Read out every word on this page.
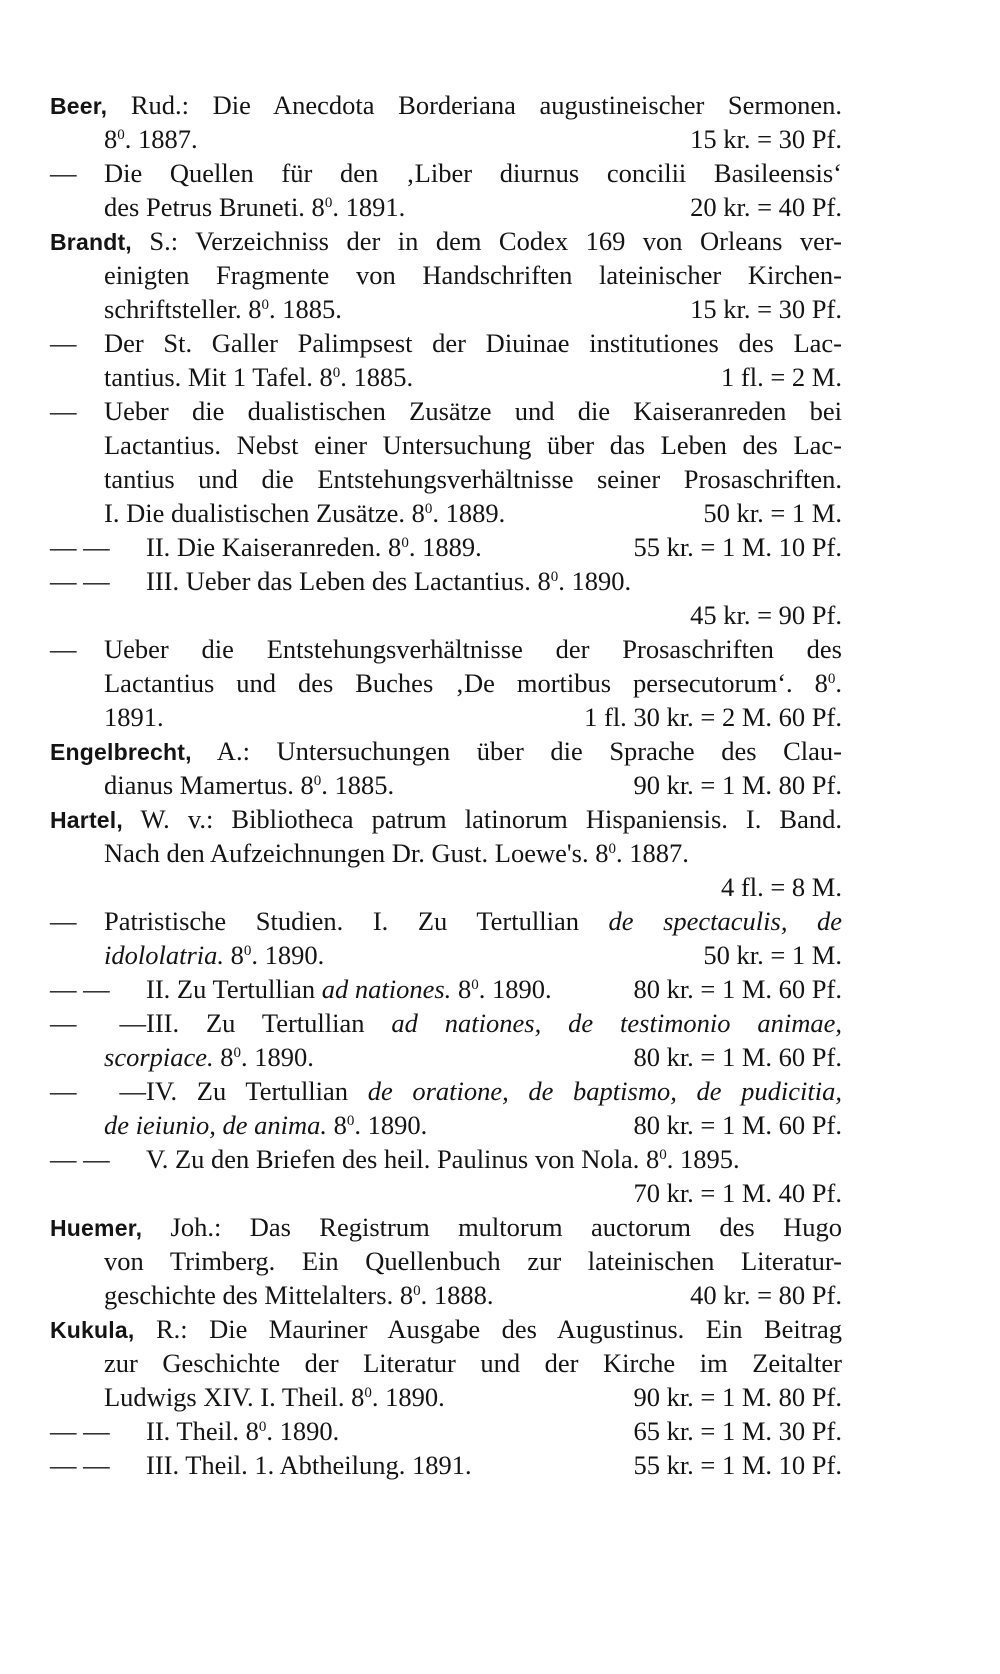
Beer, Rud.: Die Anecdota Borderiana augustineischer Sermonen.
$8^0$. 1887.	15 kr. = 30 Pf.
— Die Quellen für den ‚Liber diurnus concilii Basileensis‘
des Petrus Bruneti. $8^0$. 1891.	20 kr. = 40 Pf.
Brandt, S.: Verzeichniss der in dem Codex 169 von Orleans ver-
einigten Fragmente von Handschriften lateinischer Kirchen-
schriftsteller. $8^0$. 1885.	15 kr. = 30 Pf.
— Der St. Galler Palimpsest der Diuinae institutiones des Lac-
tantius. Mit 1 Tafel. $8^0$. 1885.	1 fl. = 2 M.
— Ueber die dualistischen Zusätze und die Kaiseranreden bei
Lactantius. Nebst einer Untersuchung über das Leben des Lac-
tantius und die Entstehungsverhältnisse seiner Prosaschriften.
I. Die dualistischen Zusätze. $8^0$. 1889.	50 kr. = 1 M.
— — II. Die Kaiseranreden. $8^0$. 1889.	55 kr. = 1 M. 10 Pf.
— — III. Ueber das Leben des Lactantius. $8^0$. 1890.
45 kr. = 90 Pf.
— Ueber die Entstehungsverhältnisse der Prosaschriften des
Lactantius und des Buches ‚De mortibus persecutorum‘. $8^0$.
1891.	1 fl. 30 kr. = 2 M. 60 Pf.
Engelbrecht, A.: Untersuchungen über die Sprache des Clau-
dianus Mamertus. $8^0$. 1885.	90 kr. = 1 M. 80 Pf.
Hartel, W. v.: Bibliotheca patrum latinorum Hispaniensis. I. Band.
Nach den Aufzeichnungen Dr. Gust. Loewe's. $8^0$. 1887.
4 fl. = 8 M.
— Patristische Studien. I. Zu Tertullian de spectaculis, de
idololatria. $8^0$. 1890.	50 kr. = 1 M.
— — II. Zu Tertullian ad nationes. $8^0$. 1890.	80 kr. = 1 M. 60 Pf.
— —III. Zu Tertullian ad nationes, de testimonio animae,
scorpiace. $8^0$. 1890.	80 kr. = 1 M. 60 Pf.
— —IV. Zu Tertullian de oratione, de baptismo, de pudicitia,
de ieiunio, de anima. $8^0$. 1890.	80 kr. = 1 M. 60 Pf.
— — V. Zu den Briefen des heil. Paulinus von Nola. $8^0$. 1895.
70 kr. = 1 M. 40 Pf.
Huemer, Joh.: Das Registrum multorum auctorum des Hugo
von Trimberg. Ein Quellenbuch zur lateinischen Literatur-
geschichte des Mittelalters. $8^0$. 1888.	40 kr. = 80 Pf.
Kukula, R.: Die Mauriner Ausgabe des Augustinus. Ein Beitrag
zur Geschichte der Literatur und der Kirche im Zeitalter
Ludwigs XIV. I. Theil. $8^0$. 1890.	90 kr. = 1 M. 80 Pf.
— — II. Theil. $8^0$. 1890.	65 kr. = 1 M. 30 Pf.
— — III. Theil. 1. Abtheilung. 1891.	55 kr. = 1 M. 10 Pf.
